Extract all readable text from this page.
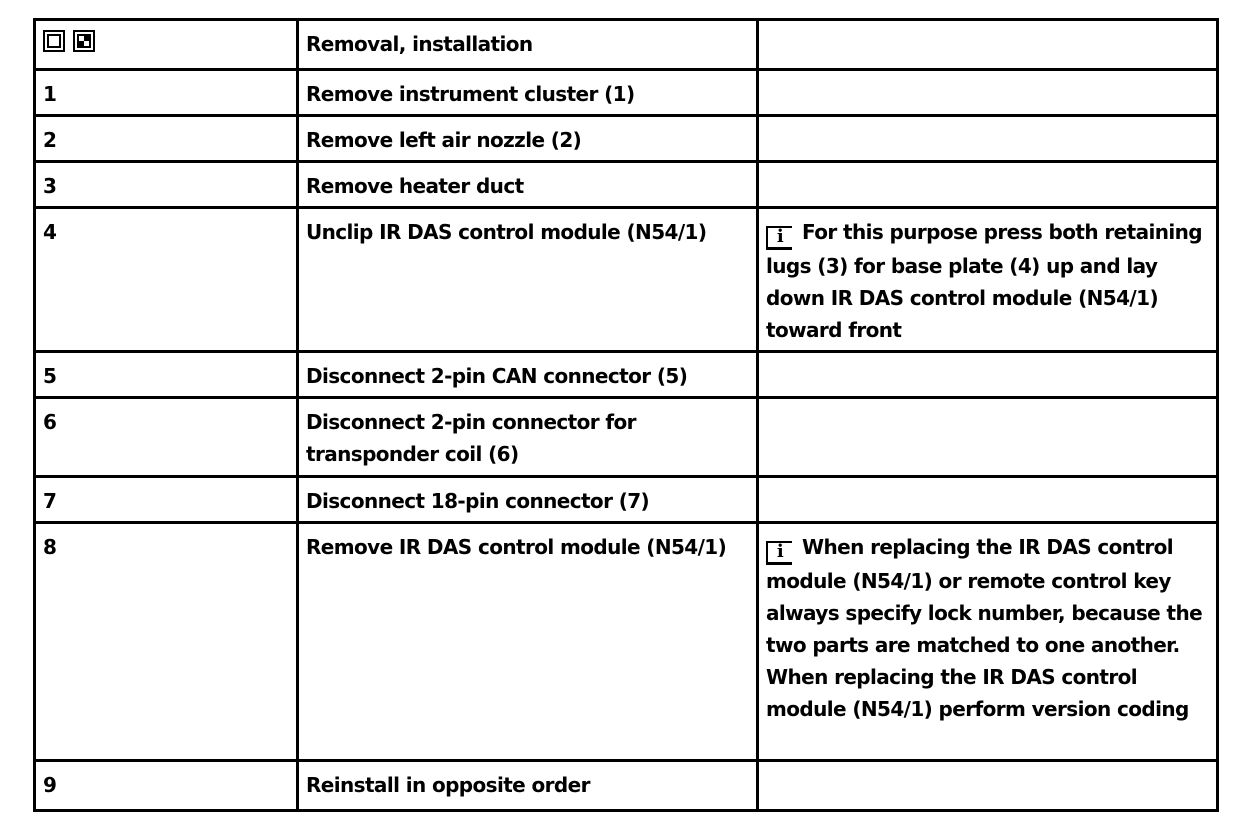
	Removal, installation	
1	Remove instrument cluster (1)	
2	Remove left air nozzle (2)	
3	Remove heater duct	
4	Unclip IR DAS control module (N54/1)	i For this purpose press both retaining lugs (3) for base plate (4) up and lay down IR DAS control module (N54/1) toward front
5	Disconnect 2-pin CAN connector (5)	
6	Disconnect 2-pin connector for transponder coil (6)	
7	Disconnect 18-pin connector (7)	
8	Remove IR DAS control module (N54/1)	i When replacing the IR DAS control module (N54/1) or remote control key always specify lock number, because the two parts are matched to one another. When replacing the IR DAS control module (N54/1) perform version coding
9	Reinstall in opposite order	
